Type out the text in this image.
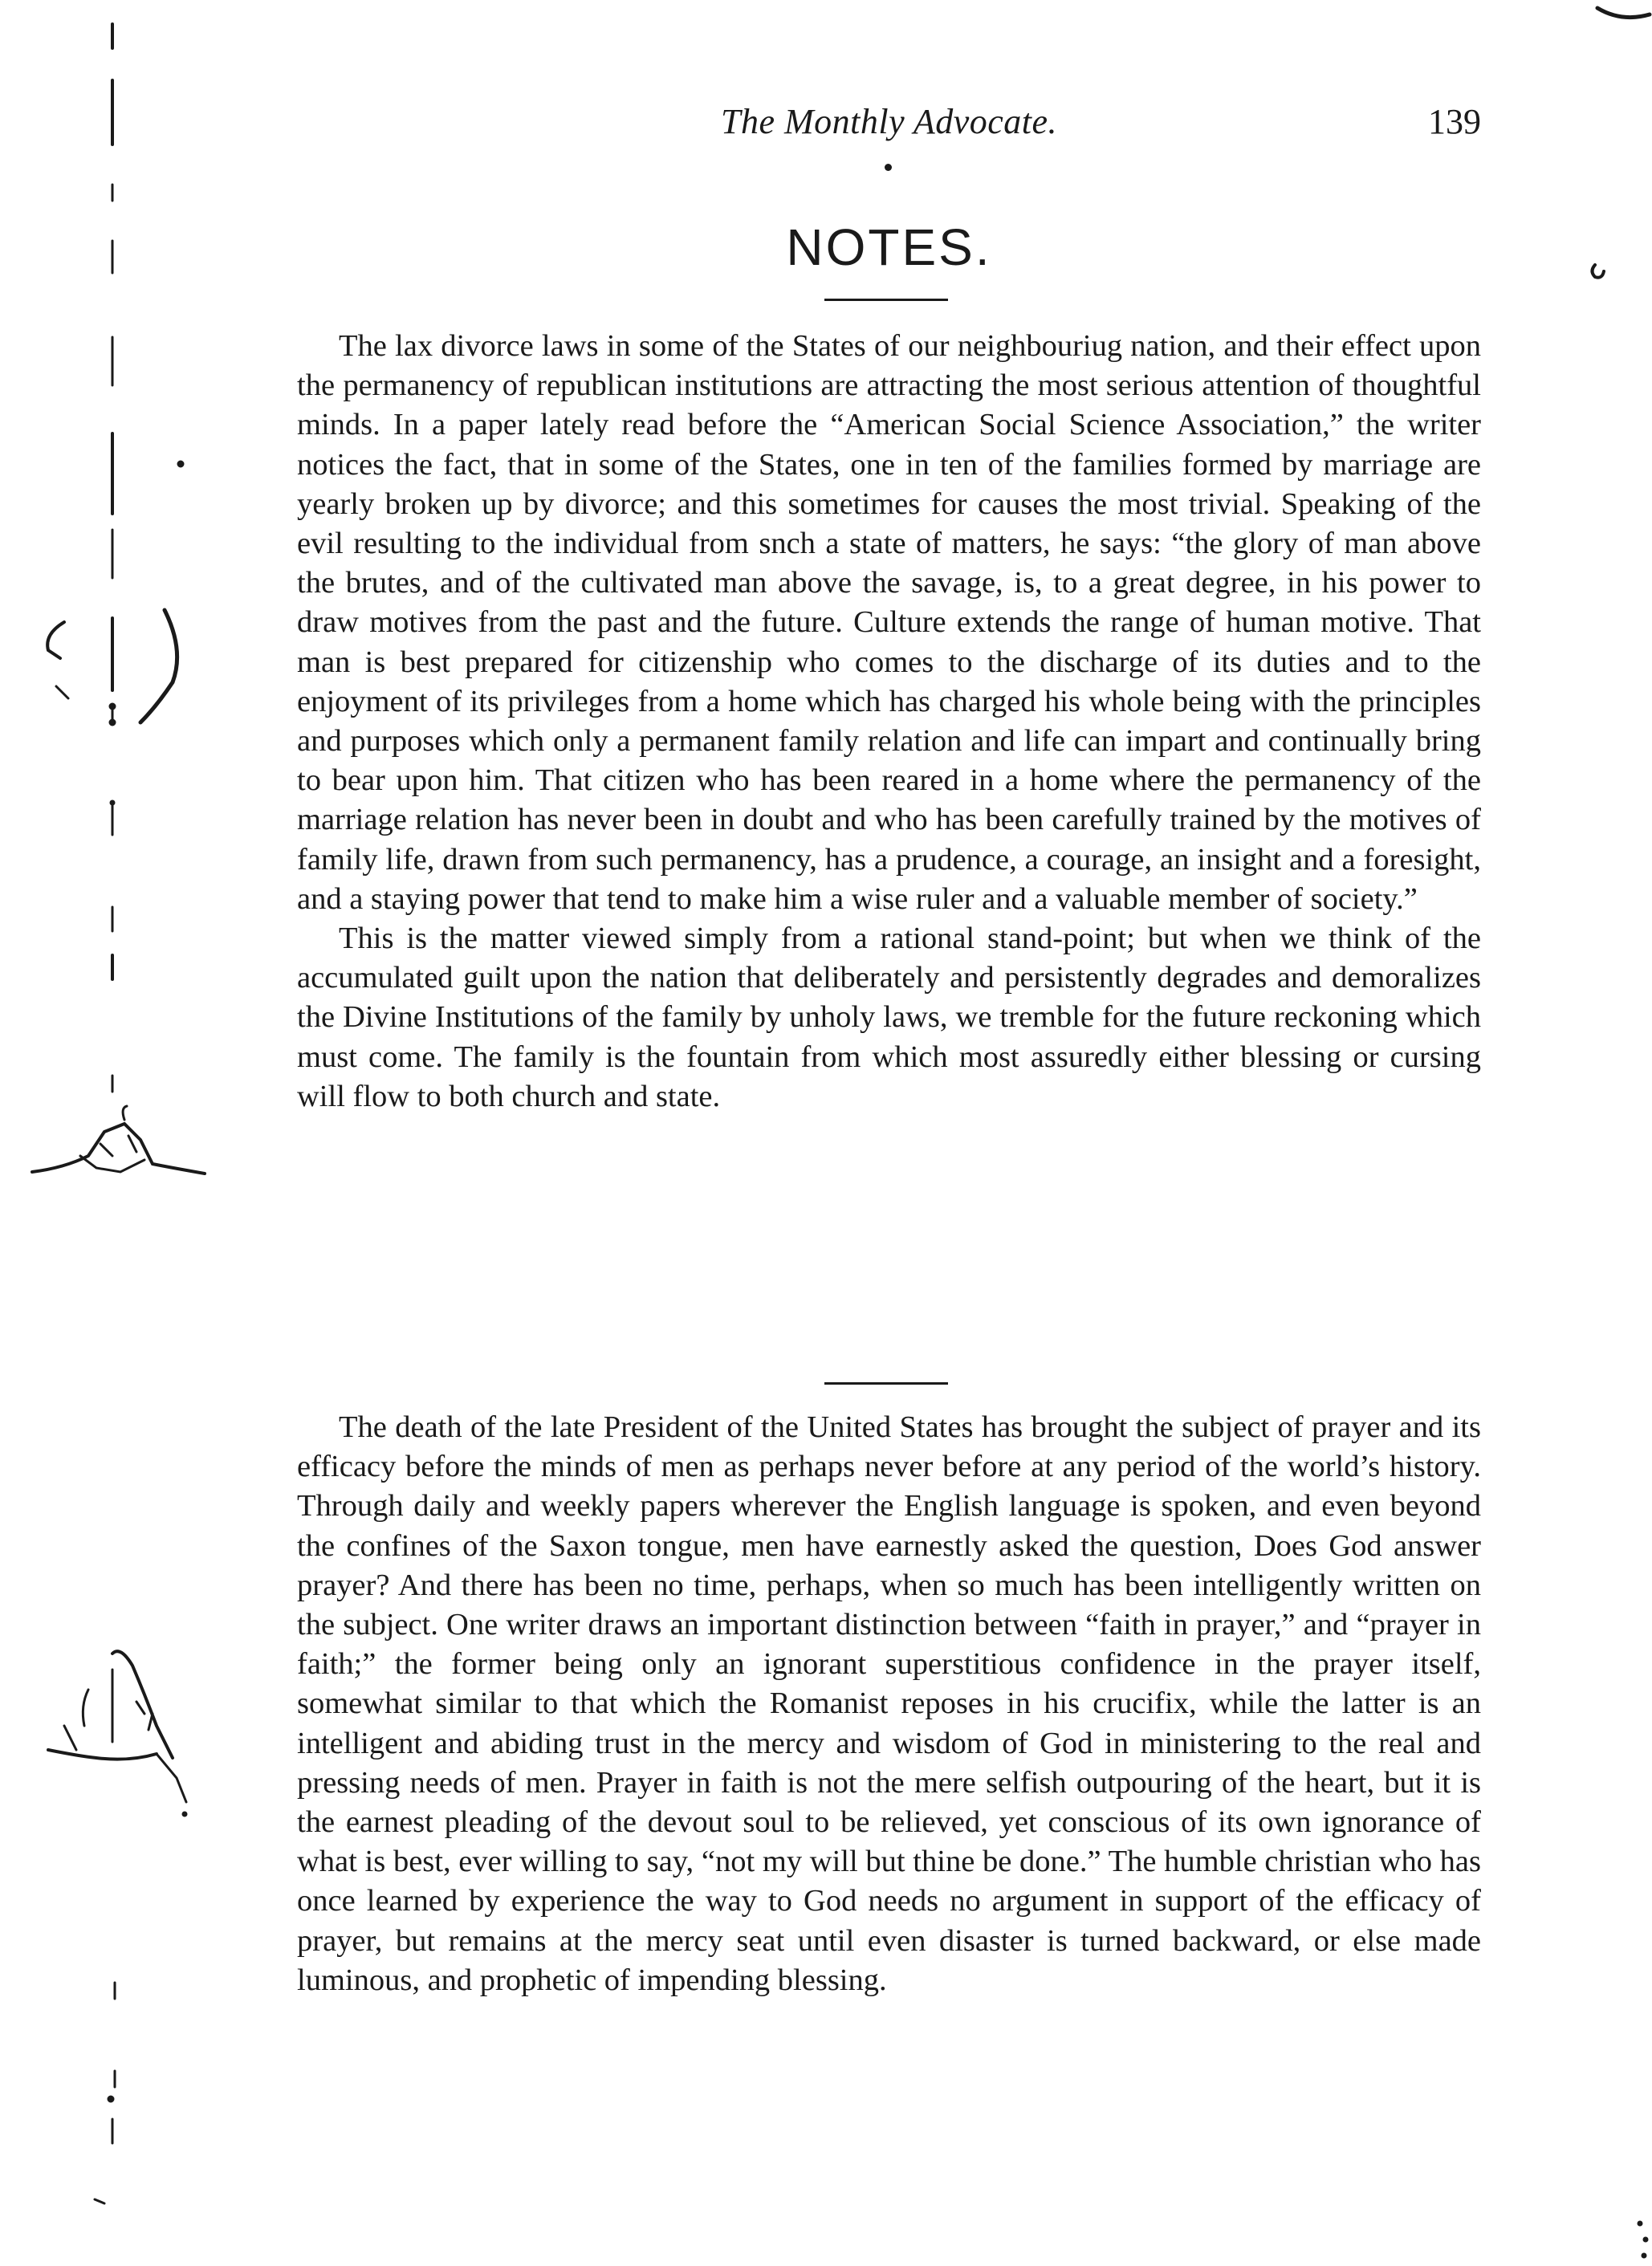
The Monthly Advocate.	139
NOTES.

The lax divorce laws in some of the States of our neighbouriug nation, and their effect upon the permanency of republican institutions are attracting the most serious attention of thoughtful minds. In a paper lately read before the “American Social Science Association,” the writer notices the fact, that in some of the States, one in ten of the families formed by marriage are yearly broken up by divorce; and this sometimes for causes the most trivial. Speaking of the evil resulting to the individual from snch a state of matters, he says: “the glory of man above the brutes, and of the cultivated man above the savage, is, to a great degree, in his power to draw motives from the past and the future. Culture extends the range of human motive. That man is best prepared for citizenship who comes to the discharge of its duties and to the enjoyment of its privileges from a home which has charged his whole being with the principles and purposes which only a permanent family relation and life can impart and continually bring to bear upon him. That citizen who has been reared in a home where the permanency of the marriage relation has never been in doubt and who has been carefully trained by the motives of family life, drawn from such permanency, has a prudence, a courage, an insight and a foresight, and a staying power that tend to make him a wise ruler and a valuable member of society.”

This is the matter viewed simply from a rational stand-point; but when we think of the accumulated guilt upon the nation that deliberately and persistently degrades and demoralizes the Divine Institutions of the family by unholy laws, we tremble for the future reckoning which must come. The family is the fountain from which most assuredly either blessing or cursing will flow to both church and state.

The death of the late President of the United States has brought the subject of prayer and its efficacy before the minds of men as perhaps never before at any period of the world’s history. Through daily and weekly papers wherever the English language is spoken, and even beyond the confines of the Saxon tongue, men have earnestly asked the question, Does God answer prayer? And there has been no time, perhaps, when so much has been intelligently written on the subject. One writer draws an important distinction between “faith in prayer,” and “prayer in faith;” the former being only an ignorant superstitious confidence in the prayer itself, somewhat similar to that which the Romanist reposes in his crucifix, while the latter is an intelligent and abiding trust in the mercy and wisdom of God in ministering to the real and pressing needs of men. Prayer in faith is not the mere selfish outpouring of the heart, but it is the earnest pleading of the devout soul to be relieved, yet conscious of its own ignorance of what is best, ever willing to say, “not my will but thine be done.” The humble christian who has once learned by experience the way to God needs no argument in support of the efficacy of prayer, but remains at the mercy seat until even disaster is turned backward, or else made luminous, and prophetic of impending blessing.
